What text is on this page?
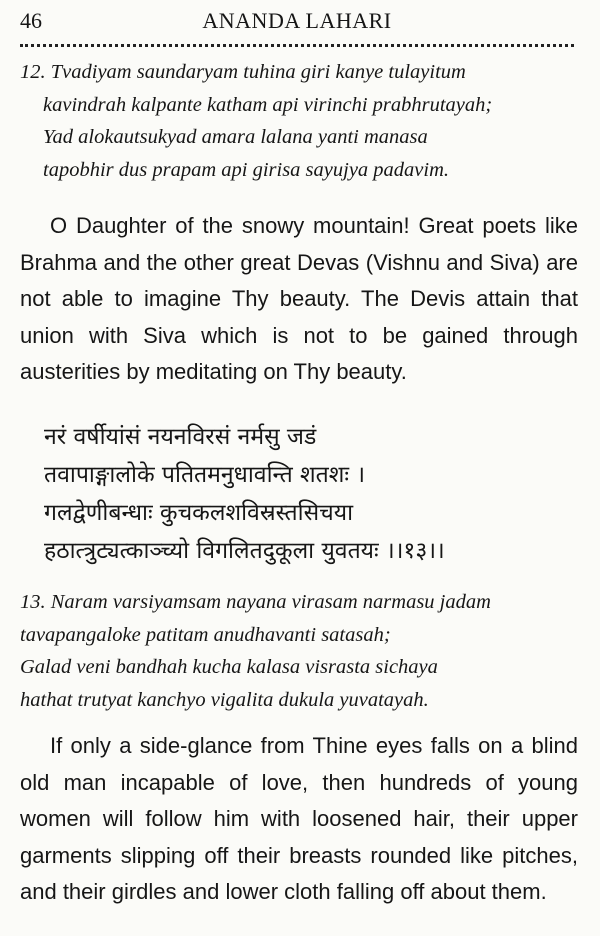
46	ANANDA LAHARI
12. Tvadiyam saundaryam tuhina giri kanye tulayitum
kavindrah kalpante katham api virinchi prabhrutayah;
Yad alokautsukyad amara lalana yanti manasa
tapobhir dus prapam api girisa sayujya padavim.
O Daughter of the snowy mountain! Great poets like Brahma and the other great Devas (Vishnu and Siva) are not able to imagine Thy beauty. The Devis attain that union with Siva which is not to be gained through austerities by meditating on Thy beauty.
नरं वर्षीयांसं नयनविरसं नर्मसु जडं
तवापाङ्गालोके पतितमनुधावन्ति शतशः ।
गलद्वेणीबन्धाः कुचकलशविस्रस्तसिचया
हठात्त्रुट्यत्काञ्च्यो विगलितदुकूला युवतयः ।।१३।।
13. Naram varsiyamsam nayana virasam narmasu jadam
tavapangaloke patitam anudhavanti satasah;
Galad veni bandhah kucha kalasa visrasta sichaya
hathat trutyat kanchyo vigalita dukula yuvatayah.
If only a side-glance from Thine eyes falls on a blind old man incapable of love, then hundreds of young women will follow him with loosened hair, their upper garments slipping off their breasts rounded like pitches, and their girdles and lower cloth falling off about them.
